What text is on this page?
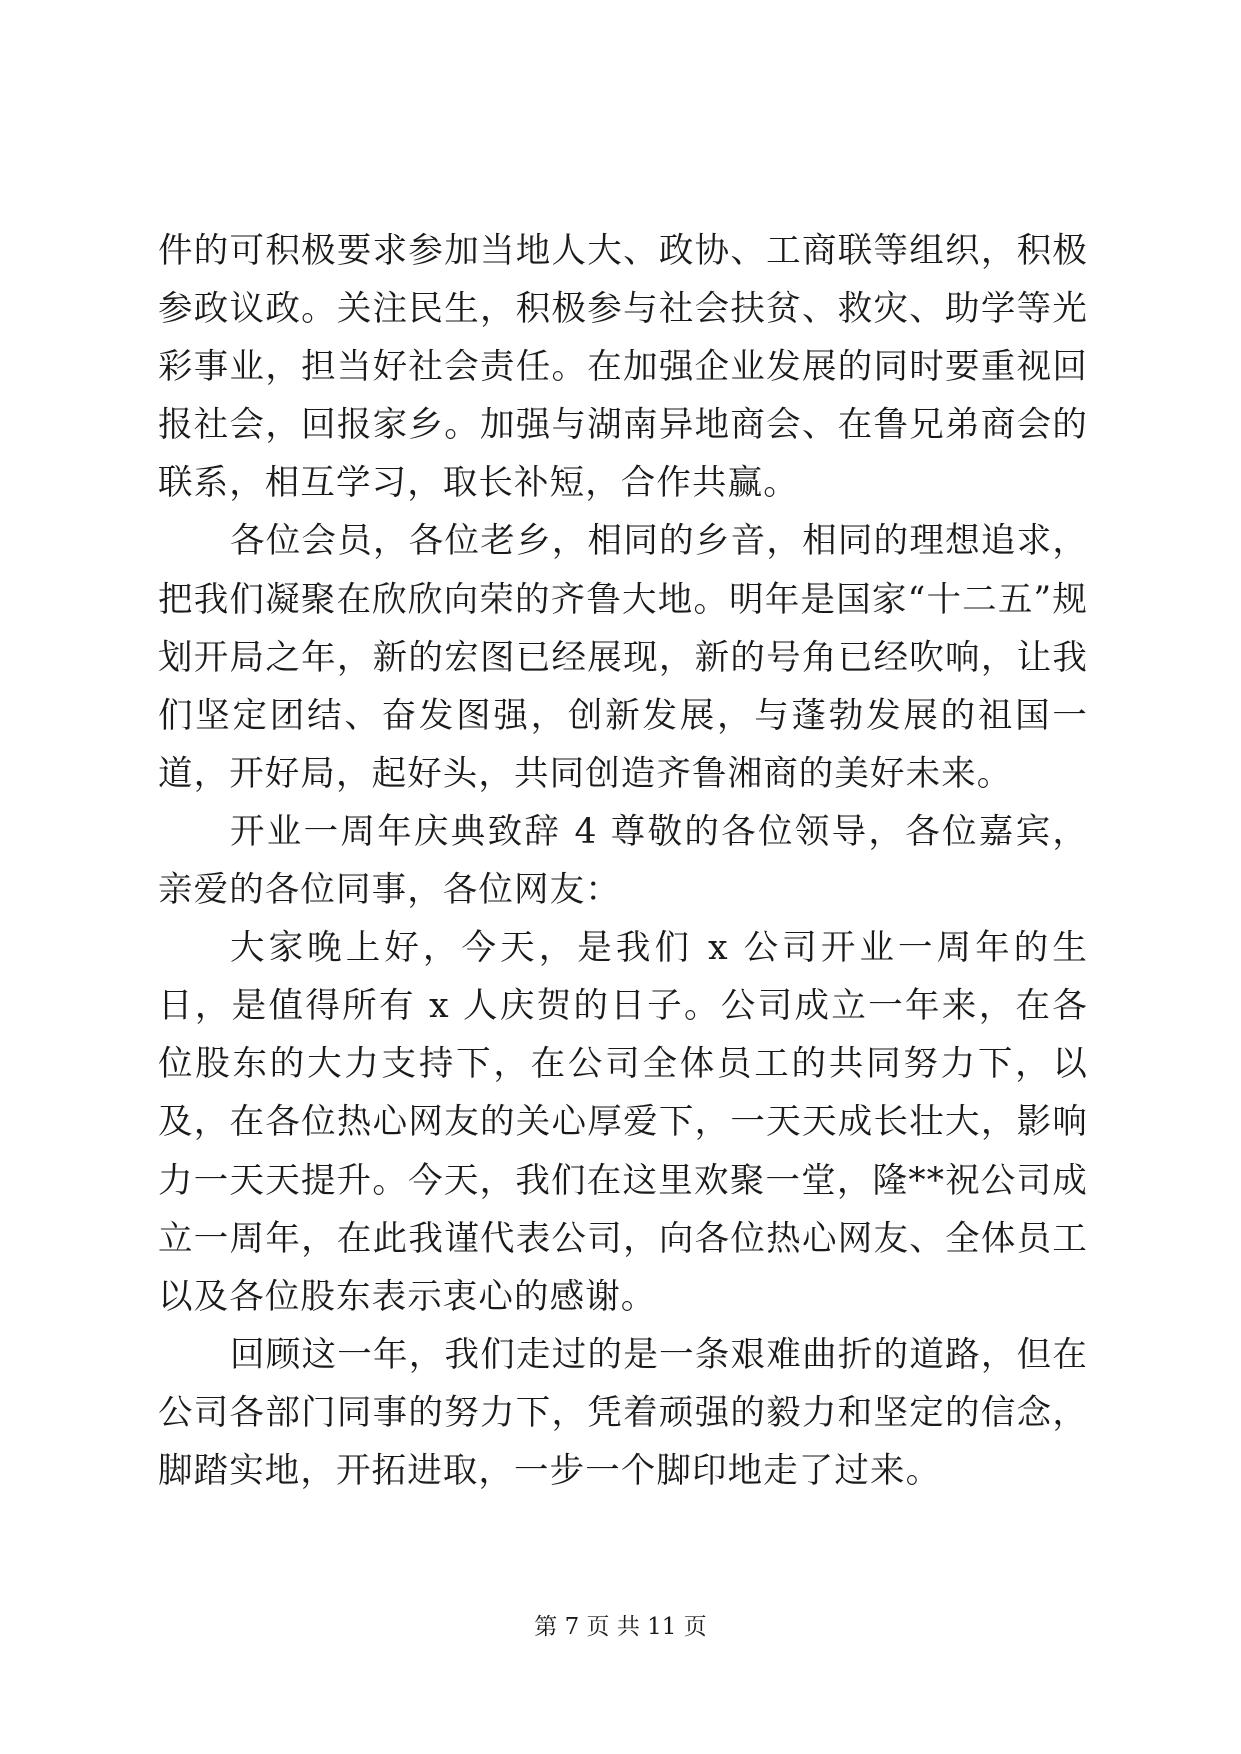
件的可积极要求参加当地人大、政协、工商联等组织，积极参政议政。关注民生，积极参与社会扶贫、救灾、助学等光彩事业，担当好社会责任。在加强企业发展的同时要重视回报社会，回报家乡。加强与湖南异地商会、在鲁兄弟商会的联系，相互学习，取长补短，合作共赢。

各位会员，各位老乡，相同的乡音，相同的理想追求，把我们凝聚在欣欣向荣的齐鲁大地。明年是国家“十二五”规划开局之年，新的宏图已经展现，新的号角已经吹响，让我们坚定团结、奋发图强，创新发展，与蓬勃发展的祖国一道，开好局，起好头，共同创造齐鲁湘商的美好未来。

开业一周年庆典致辞 4 尊敬的各位领导，各位嘉宾，亲爱的各位同事，各位网友：

大家晚上好，今天，是我们 x 公司开业一周年的生日，是值得所有 x 人庆贺的日子。公司成立一年来，在各位股东的大力支持下，在公司全体员工的共同努力下，以及，在各位热心网友的关心厚爱下，一天天成长壮大，影响力一天天提升。今天，我们在这里欢聚一堂，隆**祝公司成立一周年，在此我谨代表公司，向各位热心网友、全体员工以及各位股东表示衷心的感谢。

回顾这一年，我们走过的是一条艰难曲折的道路，但在公司各部门同事的努力下，凭着顽强的毅力和坚定的信念，脚踏实地，开拓进取，一步一个脚印地走了过来。

第 7 页 共 11 页
